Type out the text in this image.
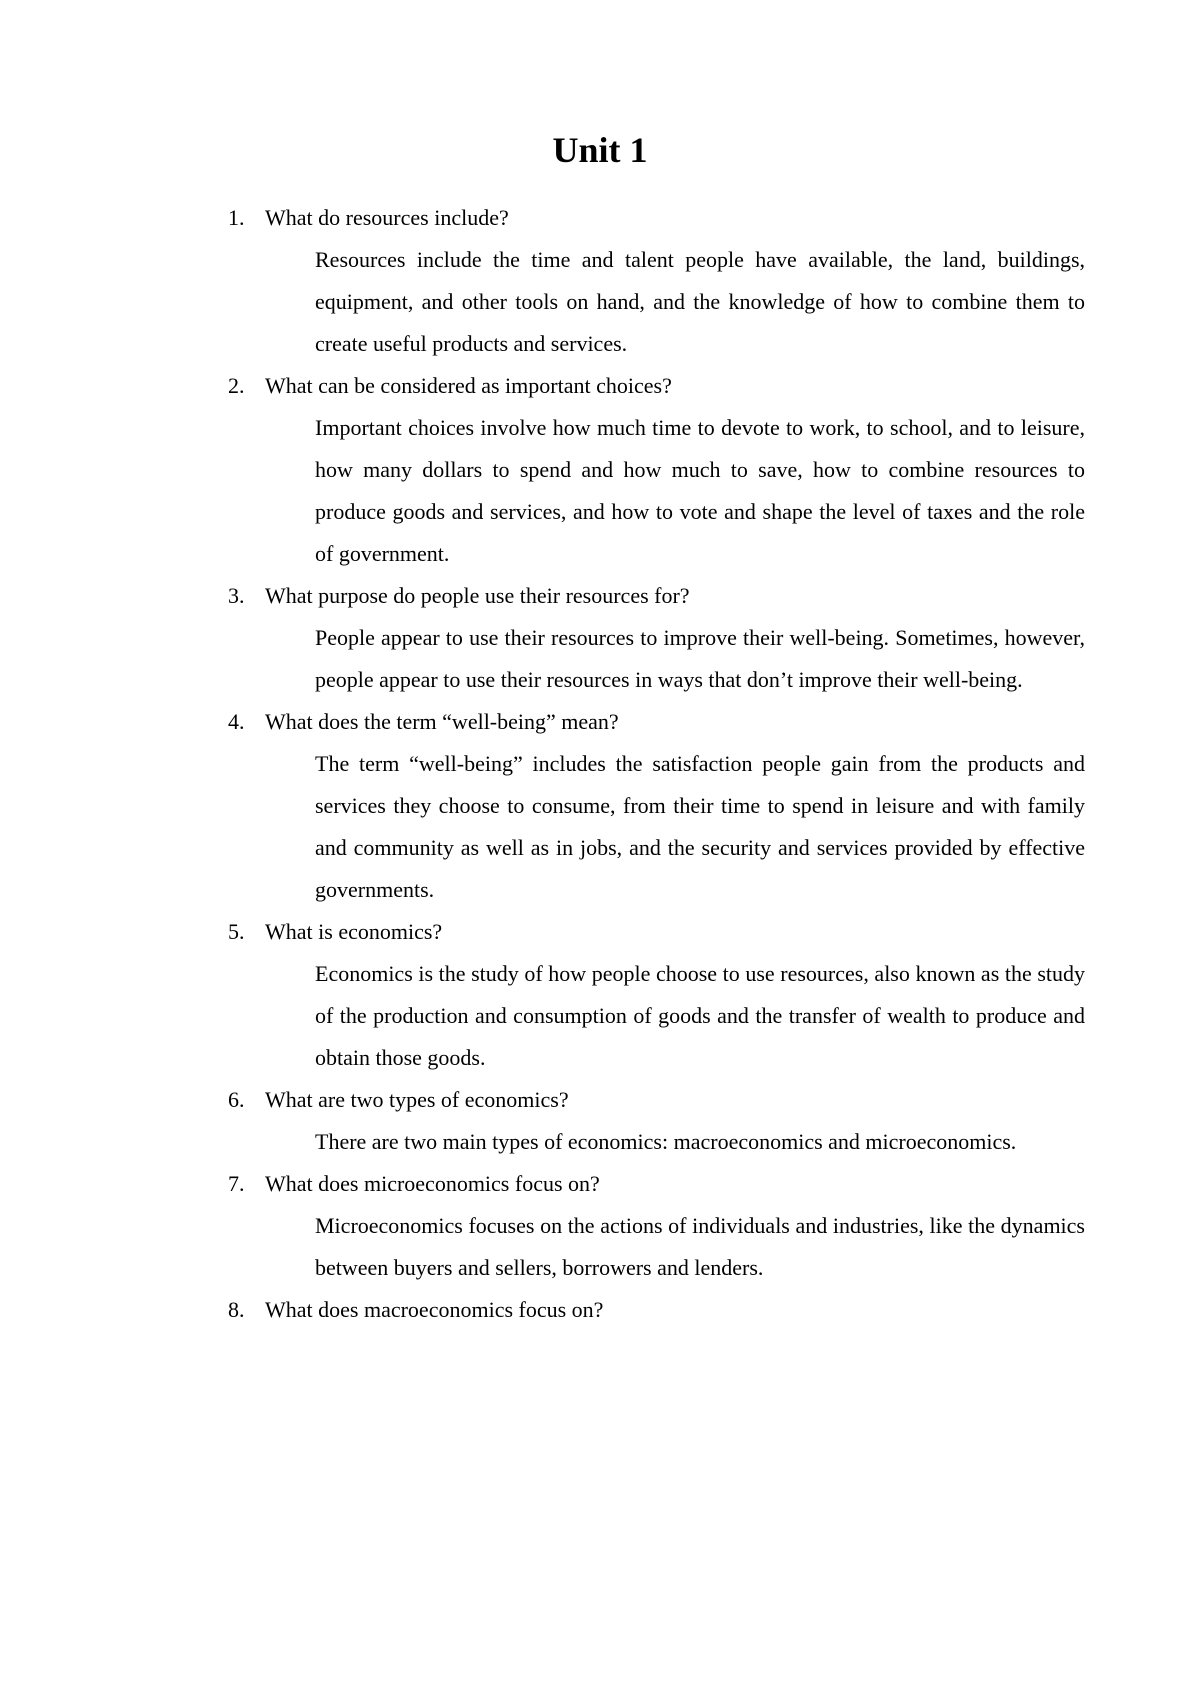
Unit 1

1. What do resources include?

Resources include the time and talent people have available, the land, buildings, equipment, and other tools on hand, and the knowledge of how to combine them to create useful products and services.

2. What can be considered as important choices?

Important choices involve how much time to devote to work, to school, and to leisure, how many dollars to spend and how much to save, how to combine resources to produce goods and services, and how to vote and shape the level of taxes and the role of government.

3. What purpose do people use their resources for?

People appear to use their resources to improve their well-being. Sometimes, however, people appear to use their resources in ways that don’t improve their well-being.

4. What does the term “well-being” mean?

The term “well-being” includes the satisfaction people gain from the products and services they choose to consume, from their time to spend in leisure and with family and community as well as in jobs, and the security and services provided by effective governments.

5. What is economics?

Economics is the study of how people choose to use resources, also known as the study of the production and consumption of goods and the transfer of wealth to produce and obtain those goods.

6. What are two types of economics?

There are two main types of economics: macroeconomics and microeconomics.

7. What does microeconomics focus on?

Microeconomics focuses on the actions of individuals and industries, like the dynamics between buyers and sellers, borrowers and lenders.

8. What does macroeconomics focus on?
